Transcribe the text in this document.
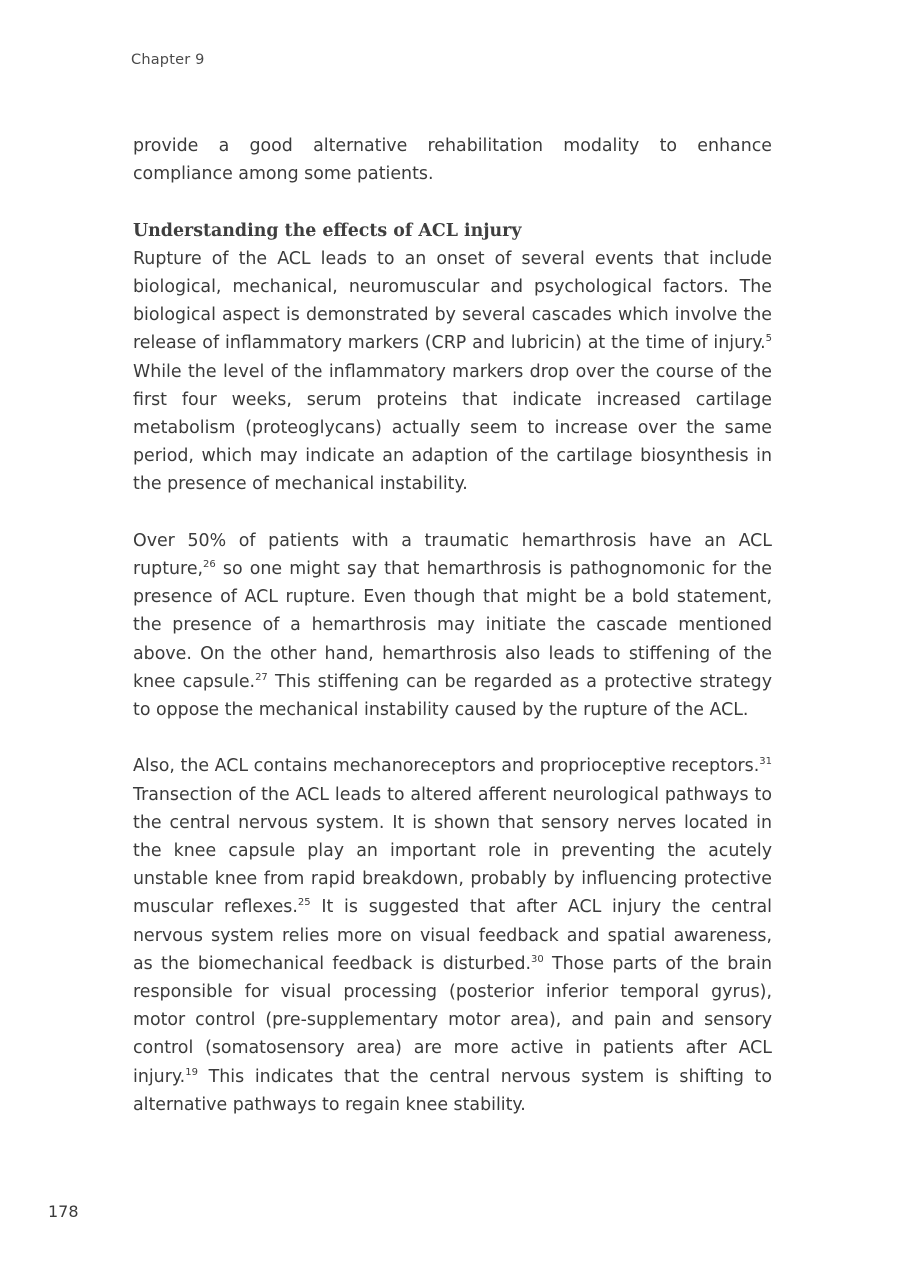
Chapter 9

provide a good alternative rehabilitation modality to enhance compliance among some patients.

Understanding the effects of ACL injury

Rupture of the ACL leads to an onset of several events that include biological, mechanical, neuromuscular and psychological factors. The biological aspect is demonstrated by several cascades which involve the release of inflammatory markers (CRP and lubricin) at the time of injury.$^5$ While the level of the inflammatory markers drop over the course of the first four weeks, serum proteins that indicate increased cartilage metabolism (proteoglycans) actually seem to increase over the same period, which may indicate an adaption of the cartilage biosynthesis in the presence of mechanical instability.

Over 50% of patients with a traumatic hemarthrosis have an ACL rupture,$^{26}$ so one might say that hemarthrosis is pathognomonic for the presence of ACL rupture. Even though that might be a bold statement, the presence of a hemarthrosis may initiate the cascade mentioned above. On the other hand, hemarthrosis also leads to stiffening of the knee capsule.$^{27}$ This stiffening can be regarded as a protective strategy to oppose the mechanical instability caused by the rupture of the ACL.

Also, the ACL contains mechanoreceptors and proprioceptive receptors.$^{31}$ Transection of the ACL leads to altered afferent neurological pathways to the central nervous system. It is shown that sensory nerves located in the knee capsule play an important role in preventing the acutely unstable knee from rapid breakdown, probably by influencing protective muscular reflexes.$^{25}$ It is suggested that after ACL injury the central nervous system relies more on visual feedback and spatial awareness, as the biomechanical feedback is disturbed.$^{30}$ Those parts of the brain responsible for visual processing (posterior inferior temporal gyrus), motor control (pre-supplementary motor area), and pain and sensory control (somatosensory area) are more active in patients after ACL injury.$^{19}$ This indicates that the central nervous system is shifting to alternative pathways to regain knee stability.

178
